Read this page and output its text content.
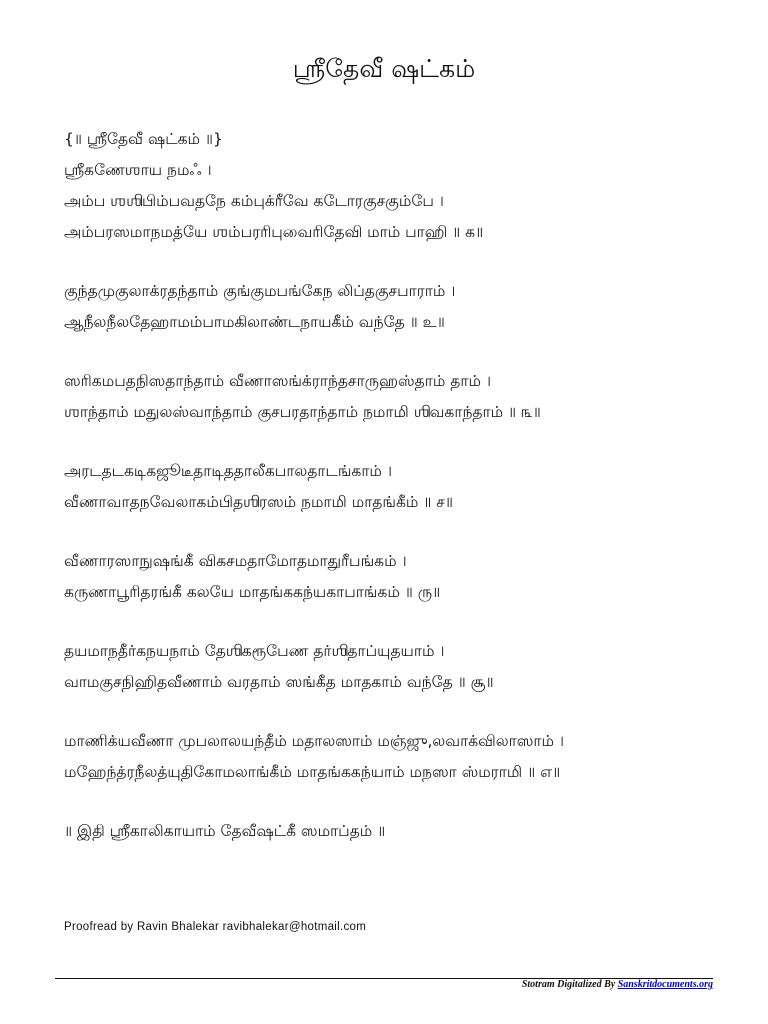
ஶ்ரீதேவீ ஷட்கம்
{॥ ஶ்ரீதேவீ ஷட்கம் ॥}
ஶ்ரீகணேஶாய நமஃ ।
அம்ப ஶஶிபிம்பவதநே கம்புக்ரீவே கடோரகுசகும்பே ।
அம்பரஸமாநமத்யே ஶம்பரரிபுவைரிதேவி மாம் பாஹி ॥ க॥
குந்தமுகுலாக்ரதந்தாம் குங்குமபங்கேந லிப்தகுசபாராம் ।
ஆநீலநீலதேஹாமம்பாமகிலாண்டநாயகீம் வந்தே ॥ உ॥
ஸரிகமபதநிஸதாந்தாம் வீணாஸங்க்ராந்தசாருஹஸ்தாம் தாம் ।
ஶாந்தாம் மதுலஸ்வாந்தாம் குசபரதாந்தாம் நமாமி ஶிவகாந்தாம் ॥ ௩॥
அரடதடகடிகஜூடீதாடிததாலீகபாலதாடங்காம் ।
வீணாவாதநவேலாகம்பிதஶிரஸம் நமாமி மாதங்கீம் ॥ ச॥
வீணாரஸாநுஷங்கீ விகசமதாமோதமாதுரீபங்கம் ।
கருணாபூரிதரங்கீ கலயே மாதங்ககந்யகாபாங்கம் ॥ ரு॥
தயமாநதீர்கநயநாம் தேஶிகரூபேண தர்ஶிதாப்யுதயாம் ।
வாமகுசநிஹிதவீணாம் வரதாம் ஸங்கீத மாதகாம் வந்தே ॥ சூ॥
மாணிக்யவீணா முபலாலயந்தீம் மதாலஸாம் மஞ்ஜு,லவாக்விலாஸாம் ।
மஹேந்த்ரநீலத்யுதிகோமலாங்கீம் மாதங்ககந்யாம் மநஸா ஸ்மராமி ॥ எ॥
॥ இதி ஶ்ரீகாலிகாயாம் தேவீஷட்கீ ஸமாப்தம் ॥
Proofread by Ravin Bhalekar ravibhalekar@hotmail.com
Stotram Digitalized By Sanskritdocuments.org
